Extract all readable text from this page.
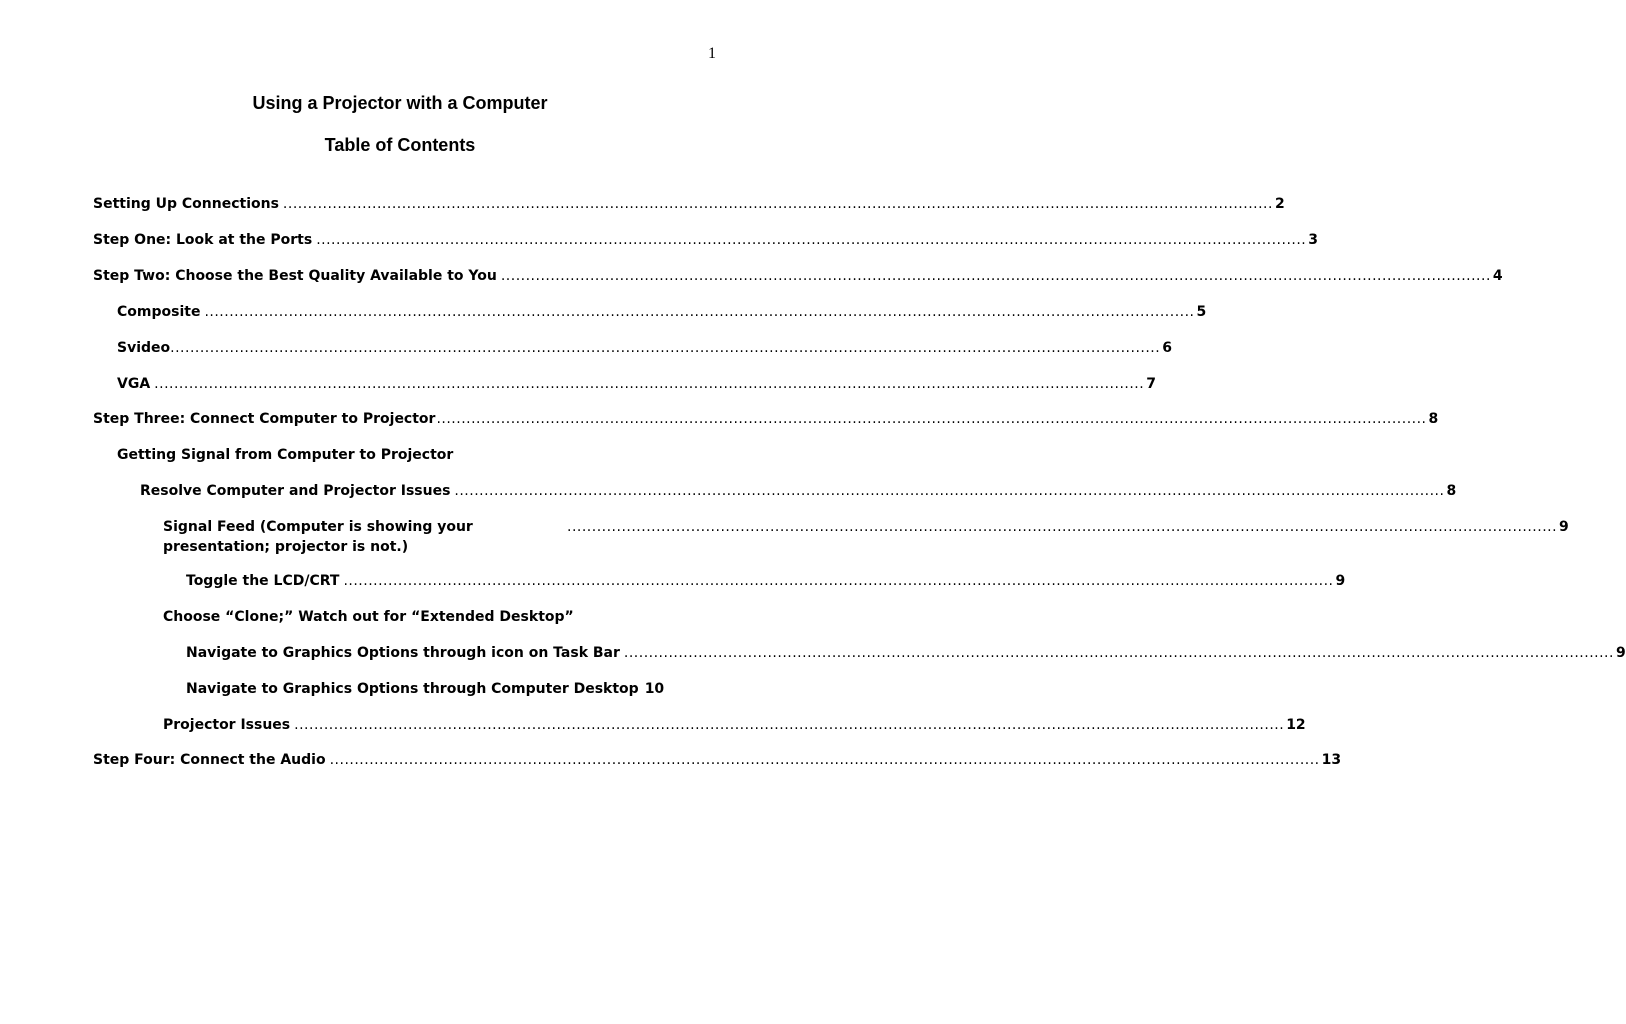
1
Using a Projector with a Computer
Table of Contents
Setting Up Connections ........................................................................................................................................................................................................ 2
Step One: Look at the Ports ........................................................................................................................................................................................................ 3
Step Two: Choose the Best Quality Available to You ........................................................................................................................................................................................................ 4
Composite ........................................................................................................................................................................................................ 5
Svideo ........................................................................................................................................................................................................ 6
VGA ........................................................................................................................................................................................................ 7
Step Three: Connect Computer to Projector ........................................................................................................................................................................................................ 8
Getting Signal from Computer to Projector
Resolve Computer and Projector Issues ........................................................................................................................................................................................................ 8
Signal Feed (Computer is showing your presentation; projector is not.)
........................................................................................................................................................................................................ 9
Toggle the LCD/CRT ........................................................................................................................................................................................................ 9
Choose “Clone;” Watch out for “Extended Desktop”
Navigate to Graphics Options through icon on Task Bar ........................................................................................................................................................................................................ 9
Navigate to Graphics Options through Computer Desktop 10
Projector Issues ........................................................................................................................................................................................................ 12
Step Four: Connect the Audio ........................................................................................................................................................................................................ 13
